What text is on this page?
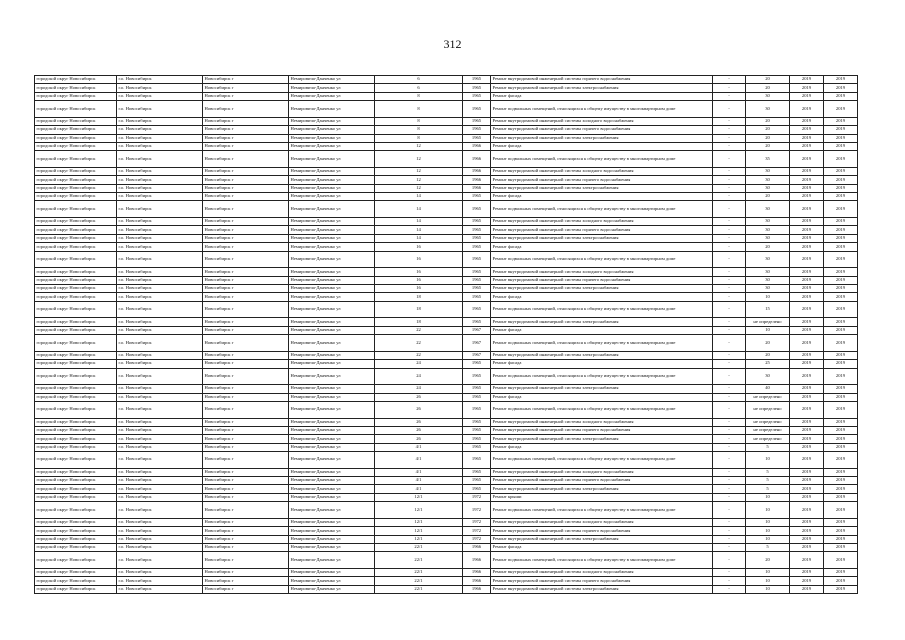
312
городской округ Новосибирск	г.о. Новосибирск	Новосибирск г	Немировича-Данченко ул	6	1965	Ремонт внутридомовой инженерной системы горячего водоснабжения	-	20	2019	2019
городской округ Новосибирск	г.о. Новосибирск	Новосибирск г	Немировича-Данченко ул	6	1965	Ремонт внутридомовой инженерной системы электроснабжения	-	20	2019	2019
городской округ Новосибирск	г.о. Новосибирск	Новосибирск г	Немировича-Данченко ул	8	1965	Ремонт фасада	-	30	2019	2019
городской округ Новосибирск	г.о. Новосибирск	Новосибирск г	Немировича-Данченко ул	8	1965	Ремонт подвальных помещений, относящихся к общему имуществу в многоквартирном доме	-	30	2019	2019
городской округ Новосибирск	г.о. Новосибирск	Новосибирск г	Немировича-Данченко ул	8	1965	Ремонт внутридомовой инженерной системы холодного водоснабжения	-	20	2019	2019
городской округ Новосибирск	г.о. Новосибирск	Новосибирск г	Немировича-Данченко ул	8	1965	Ремонт внутридомовой инженерной системы горячего водоснабжения	-	20	2019	2019
городской округ Новосибирск	г.о. Новосибирск	Новосибирск г	Немировича-Данченко ул	8	1965	Ремонт внутридомовой инженерной системы электроснабжения	-	20	2019	2019
городской округ Новосибирск	г.о. Новосибирск	Новосибирск г	Немировича-Данченко ул	12	1966	Ремонт фасада	-	20	2019	2019
городской округ Новосибирск	г.о. Новосибирск	Новосибирск г	Немировича-Данченко ул	12	1966	Ремонт подвальных помещений, относящихся к общему имуществу в многоквартирном доме	-	35	2019	2019
городской округ Новосибирск	г.о. Новосибирск	Новосибирск г	Немировича-Данченко ул	12	1966	Ремонт внутридомовой инженерной системы холодного водоснабжения	-	30	2019	2019
городской округ Новосибирск	г.о. Новосибирск	Новосибирск г	Немировича-Данченко ул	12	1966	Ремонт внутридомовой инженерной системы горячего водоснабжения	-	30	2019	2019
городской округ Новосибирск	г.о. Новосибирск	Новосибирск г	Немировича-Данченко ул	12	1966	Ремонт внутридомовой инженерной системы электроснабжения	-	30	2019	2019
городской округ Новосибирск	г.о. Новосибирск	Новосибирск г	Немировича-Данченко ул	14	1965	Ремонт фасада	-	20	2019	2019
городской округ Новосибирск	г.о. Новосибирск	Новосибирск г	Немировича-Данченко ул	14	1965	Ремонт подвальных помещений, относящихся к общему имуществу в многоквартирном доме	-	30	2019	2019
городской округ Новосибирск	г.о. Новосибирск	Новосибирск г	Немировича-Данченко ул	14	1965	Ремонт внутридомовой инженерной системы холодного водоснабжения	-	30	2019	2019
городской округ Новосибирск	г.о. Новосибирск	Новосибирск г	Немировича-Данченко ул	14	1965	Ремонт внутридомовой инженерной системы горячего водоснабжения	-	30	2019	2019
городской округ Новосибирск	г.о. Новосибирск	Новосибирск г	Немировича-Данченко ул	14	1965	Ремонт внутридомовой инженерной системы электроснабжения	-	30	2019	2019
городской округ Новосибирск	г.о. Новосибирск	Новосибирск г	Немировича-Данченко ул	16	1965	Ремонт фасада	-	20	2019	2019
городской округ Новосибирск	г.о. Новосибирск	Новосибирск г	Немировича-Данченко ул	16	1965	Ремонт подвальных помещений, относящихся к общему имуществу в многоквартирном доме	-	30	2019	2019
городской округ Новосибирск	г.о. Новосибирск	Новосибирск г	Немировича-Данченко ул	16	1965	Ремонт внутридомовой инженерной системы холодного водоснабжения	-	30	2019	2019
городской округ Новосибирск	г.о. Новосибирск	Новосибирск г	Немировича-Данченко ул	16	1965	Ремонт внутридомовой инженерной системы горячего водоснабжения	-	30	2019	2019
городской округ Новосибирск	г.о. Новосибирск	Новосибирск г	Немировича-Данченко ул	16	1965	Ремонт внутридомовой инженерной системы электроснабжения	-	30	2019	2019
городской округ Новосибирск	г.о. Новосибирск	Новосибирск г	Немировича-Данченко ул	18	1965	Ремонт фасада	-	10	2019	2019
городской округ Новосибирск	г.о. Новосибирск	Новосибирск г	Немировича-Данченко ул	18	1965	Ремонт подвальных помещений, относящихся к общему имуществу в многоквартирном доме	-	15	2019	2019
городской округ Новосибирск	г.о. Новосибирск	Новосибирск г	Немировича-Данченко ул	18	1965	Ремонт внутридомовой инженерной системы электроснабжения	-	не определено	2019	2019
городской округ Новосибирск	г.о. Новосибирск	Новосибирск г	Немировича-Данченко ул	22	1967	Ремонт фасада	-	10	2019	2019
городской округ Новосибирск	г.о. Новосибирск	Новосибирск г	Немировича-Данченко ул	22	1967	Ремонт подвальных помещений, относящихся к общему имуществу в многоквартирном доме	-	20	2019	2019
городской округ Новосибирск	г.о. Новосибирск	Новосибирск г	Немировича-Данченко ул	22	1967	Ремонт внутридомовой инженерной системы электроснабжения	-	20	2019	2019
городской округ Новосибирск	г.о. Новосибирск	Новосибирск г	Немировича-Данченко ул	24	1965	Ремонт фасада	-	25	2019	2019
городской округ Новосибирск	г.о. Новосибирск	Новосибирск г	Немировича-Данченко ул	24	1965	Ремонт подвальных помещений, относящихся к общему имуществу в многоквартирном доме	-	30	2019	2019
городской округ Новосибирск	г.о. Новосибирск	Новосибирск г	Немировича-Данченко ул	24	1965	Ремонт внутридомовой инженерной системы электроснабжения	-	40	2019	2019
городской округ Новосибирск	г.о. Новосибирск	Новосибирск г	Немировича-Данченко ул	26	1965	Ремонт фасада	-	не определено	2019	2019
городской округ Новосибирск	г.о. Новосибирск	Новосибирск г	Немировича-Данченко ул	26	1965	Ремонт подвальных помещений, относящихся к общему имуществу в многоквартирном доме	-	не определено	2019	2019
городской округ Новосибирск	г.о. Новосибирск	Новосибирск г	Немировича-Данченко ул	26	1965	Ремонт внутридомовой инженерной системы холодного водоснабжения	-	не определено	2019	2019
городской округ Новосибирск	г.о. Новосибирск	Новосибирск г	Немировича-Данченко ул	26	1965	Ремонт внутридомовой инженерной системы горячего водоснабжения	-	не определено	2019	2019
городской округ Новосибирск	г.о. Новосибирск	Новосибирск г	Немировича-Данченко ул	26	1965	Ремонт внутридомовой инженерной системы электроснабжения	-	не определено	2019	2019
городской округ Новосибирск	г.о. Новосибирск	Новосибирск г	Немировича-Данченко ул	4/1	1965	Ремонт фасада	-	5	2019	2019
городской округ Новосибирск	г.о. Новосибирск	Новосибирск г	Немировича-Данченко ул	4/1	1965	Ремонт подвальных помещений, относящихся к общему имуществу в многоквартирном доме	-	10	2019	2019
городской округ Новосибирск	г.о. Новосибирск	Новосибирск г	Немировича-Данченко ул	4/1	1965	Ремонт внутридомовой инженерной системы холодного водоснабжения	-	5	2019	2019
городской округ Новосибирск	г.о. Новосибирск	Новосибирск г	Немировича-Данченко ул	4/1	1965	Ремонт внутридомовой инженерной системы горячего водоснабжения	-	5	2019	2019
городской округ Новосибирск	г.о. Новосибирск	Новосибирск г	Немировича-Данченко ул	4/1	1965	Ремонт внутридомовой инженерной системы электроснабжения	-	5	2019	2019
городской округ Новосибирск	г.о. Новосибирск	Новосибирск г	Немировича-Данченко ул	12/1	1972	Ремонт крыши	-	10	2019	2019
городской округ Новосибирск	г.о. Новосибирск	Новосибирск г	Немировича-Данченко ул	12/1	1972	Ремонт подвальных помещений, относящихся к общему имуществу в многоквартирном доме	-	10	2019	2019
городской округ Новосибирск	г.о. Новосибирск	Новосибирск г	Немировича-Данченко ул	12/1	1972	Ремонт внутридомовой инженерной системы холодного водоснабжения	-	10	2019	2019
городской округ Новосибирск	г.о. Новосибирск	Новосибирск г	Немировича-Данченко ул	12/1	1972	Ремонт внутридомовой инженерной системы горячего водоснабжения	-	10	2019	2019
городской округ Новосибирск	г.о. Новосибирск	Новосибирск г	Немировича-Данченко ул	12/1	1972	Ремонт внутридомовой инженерной системы электроснабжения	-	10	2019	2019
городской округ Новосибирск	г.о. Новосибирск	Новосибирск г	Немировича-Данченко ул	22/1	1966	Ремонт фасада	-	5	2019	2019
городской округ Новосибирск	г.о. Новосибирск	Новосибирск г	Немировича-Данченко ул	22/1	1966	Ремонт подвальных помещений, относящихся к общему имуществу в многоквартирном доме	-	20	2019	2019
городской округ Новосибирск	г.о. Новосибирск	Новосибирск г	Немировича-Данченко ул	22/1	1966	Ремонт внутридомовой инженерной системы холодного водоснабжения	-	10	2019	2019
городской округ Новосибирск	г.о. Новосибирск	Новосибирск г	Немировича-Данченко ул	22/1	1966	Ремонт внутридомовой инженерной системы горячего водоснабжения	-	10	2019	2019
городской округ Новосибирск	г.о. Новосибирск	Новосибирск г	Немировича-Данченко ул	22/1	1966	Ремонт внутридомовой инженерной системы электроснабжения	-	10	2019	2019
